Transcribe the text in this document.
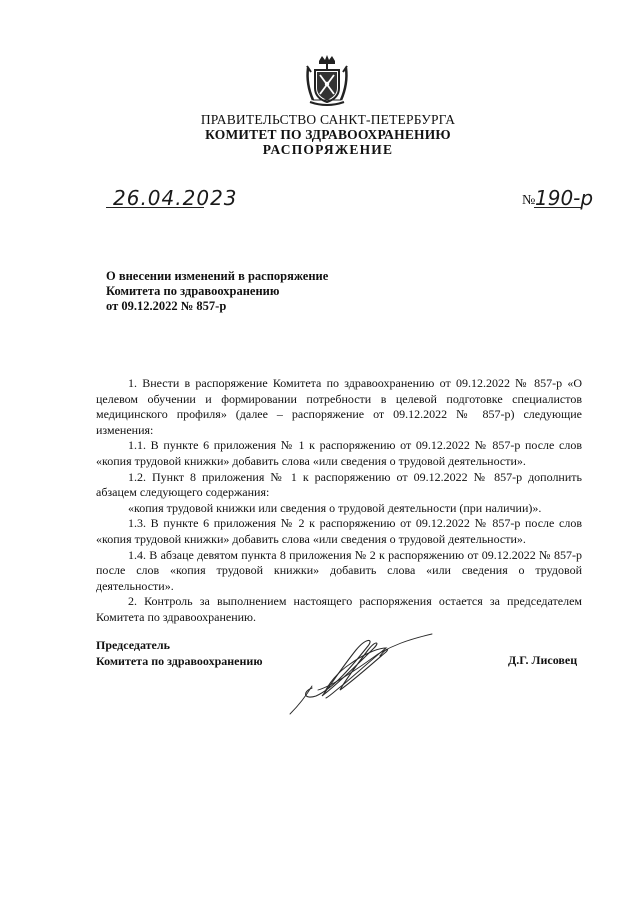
ПРАВИТЕЛЬСТВО САНКТ-ПЕТЕРБУРГА
КОМИТЕТ ПО ЗДРАВООХРАНЕНИЮ
РАСПОРЯЖЕНИЕ
26.04.2023	№ 190-р
О внесении изменений в распоряжение
Комитета по здравоохранению
от 09.12.2022 № 857-р

1. Внести в распоряжение Комитета по здравоохранению от 09.12.2022 № 857-р «О целевом обучении и формировании потребности в целевой подготовке специалистов медицинского профиля» (далее – распоряжение от 09.12.2022 № 857-р) следующие изменения:

1.1. В пункте 6 приложения № 1 к распоряжению от 09.12.2022 № 857-р после слов «копия трудовой книжки» добавить слова «или сведения о трудовой деятельности».

1.2. Пункт 8 приложения № 1 к распоряжению от 09.12.2022 № 857-р дополнить абзацем следующего содержания:

«копия трудовой книжки или сведения о трудовой деятельности (при наличии)».

1.3. В пункте 6 приложения № 2 к распоряжению от 09.12.2022 № 857-р после слов «копия трудовой книжки» добавить слова «или сведения о трудовой деятельности».

1.4. В абзаце девятом пункта 8 приложения № 2 к распоряжению от 09.12.2022 № 857-р после слов «копия трудовой книжки» добавить слова «или сведения о трудовой деятельности».

2. Контроль за выполнением настоящего распоряжения остается за председателем Комитета по здравоохранению.

Председатель
Комитета по здравоохранению	Д.Г. Лисовец
